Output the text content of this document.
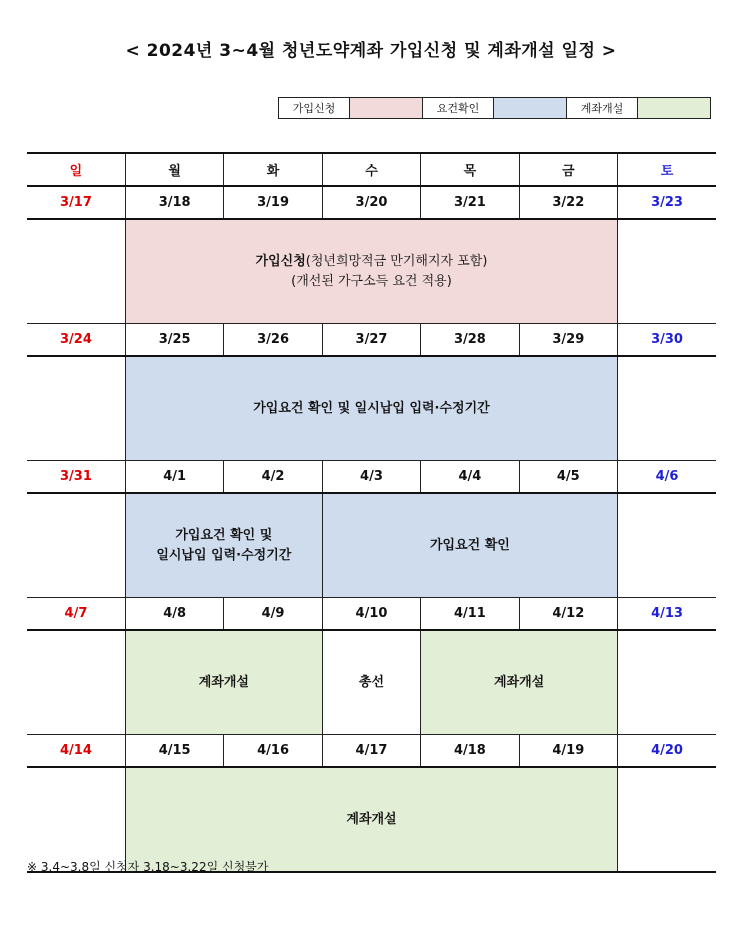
< 2024년 3~4월 청년도약계좌 가입신청 및 계좌개설 일정 >
가입신청		요건확인		계좌개설	
일	월	화	수	목	금	토
3/17	3/18	3/19	3/20	3/21	3/22	3/23

	가입신청(청년희망적금 만기해지자 포함)
(개선된 가구소득 요건 적용)					

3/24	3/25	3/26	3/27	3/28	3/29	3/30
	가입요건 확인 및 일시납입 입력·수정기간					
3/31	4/1	4/2	4/3	4/4	4/5	4/6

	가입요건 확인 및
일시납입 입력·수정기간		가입요건 확인			
4/7	4/8	4/9	4/10	4/11	4/12	4/13
	계좌개설		총선	계좌개설		
4/14	4/15	4/16	4/17	4/18	4/19	4/20
	계좌개설					
※ 3.4~3.8일 신청자 3.18~3.22일 신청불가
